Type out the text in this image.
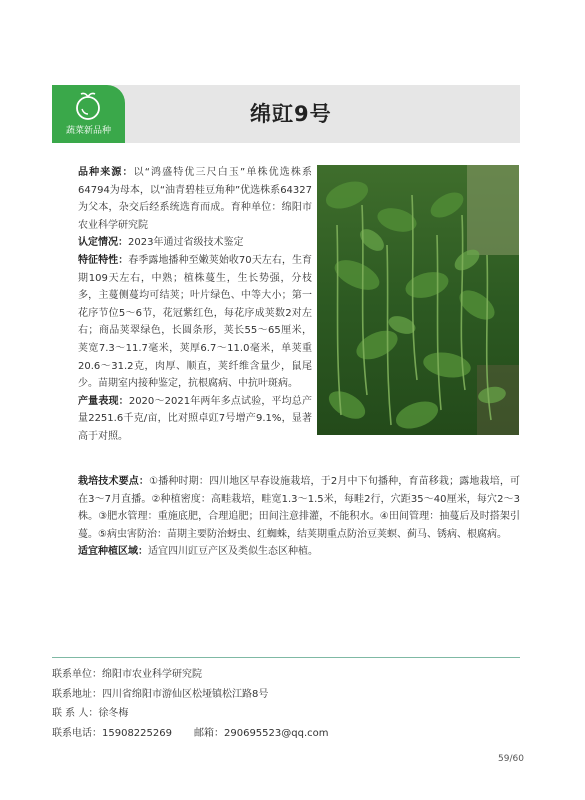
蔬菜新品种
绵豇9号

品种来源：以“鸿盛特优三尺白玉”单株优选株系64794为母本，以“油青碧桂豆角种”优选株系64327为父本，杂交后经系统选育而成。育种单位：绵阳市农业科学研究院

认定情况：2023年通过省级技术鉴定

特征特性：春季露地播种至嫩荚始收70天左右，生育期109天左右，中熟；植株蔓生，生长势强，分枝多，主蔓侧蔓均可结荚；叶片绿色、中等大小；第一花序节位5～6节，花冠紫红色，每花序成荚数2对左右；商品荚翠绿色，长圆条形，荚长55～65厘米，荚宽7.3～11.7毫米，荚厚6.7～11.0毫米，单荚重20.6～31.2克，肉厚、顺直，荚纤维含量少，鼠尾少。苗期室内接种鉴定，抗根腐病、中抗叶斑病。

产量表现：2020～2021年两年多点试验，平均总产量2251.6千克/亩，比对照卓豇7号增产9.1%，显著高于对照。

栽培技术要点：①播种时期：四川地区早春设施栽培，于2月中下旬播种，育苗移栽；露地栽培，可在3～7月直播。②种植密度：高畦栽培，畦宽1.3～1.5米，每畦2行，穴距35～40厘米，每穴2～3株。③肥水管理：重施底肥，合理追肥；田间注意排灌，不能积水。④田间管理：抽蔓后及时搭架引蔓。⑤病虫害防治：苗期主要防治蚜虫、红蜘蛛，结荚期重点防治豆荚螟、蓟马、锈病、根腐病。

适宜种植区域：适宜四川豇豆产区及类似生态区种植。

联系单位：绵阳市农业科学研究院
联系地址：四川省绵阳市游仙区松垭镇松江路8号
联 系 人：徐冬梅
联系电话：15908225269 邮箱：290695523@qq.com
59/60
